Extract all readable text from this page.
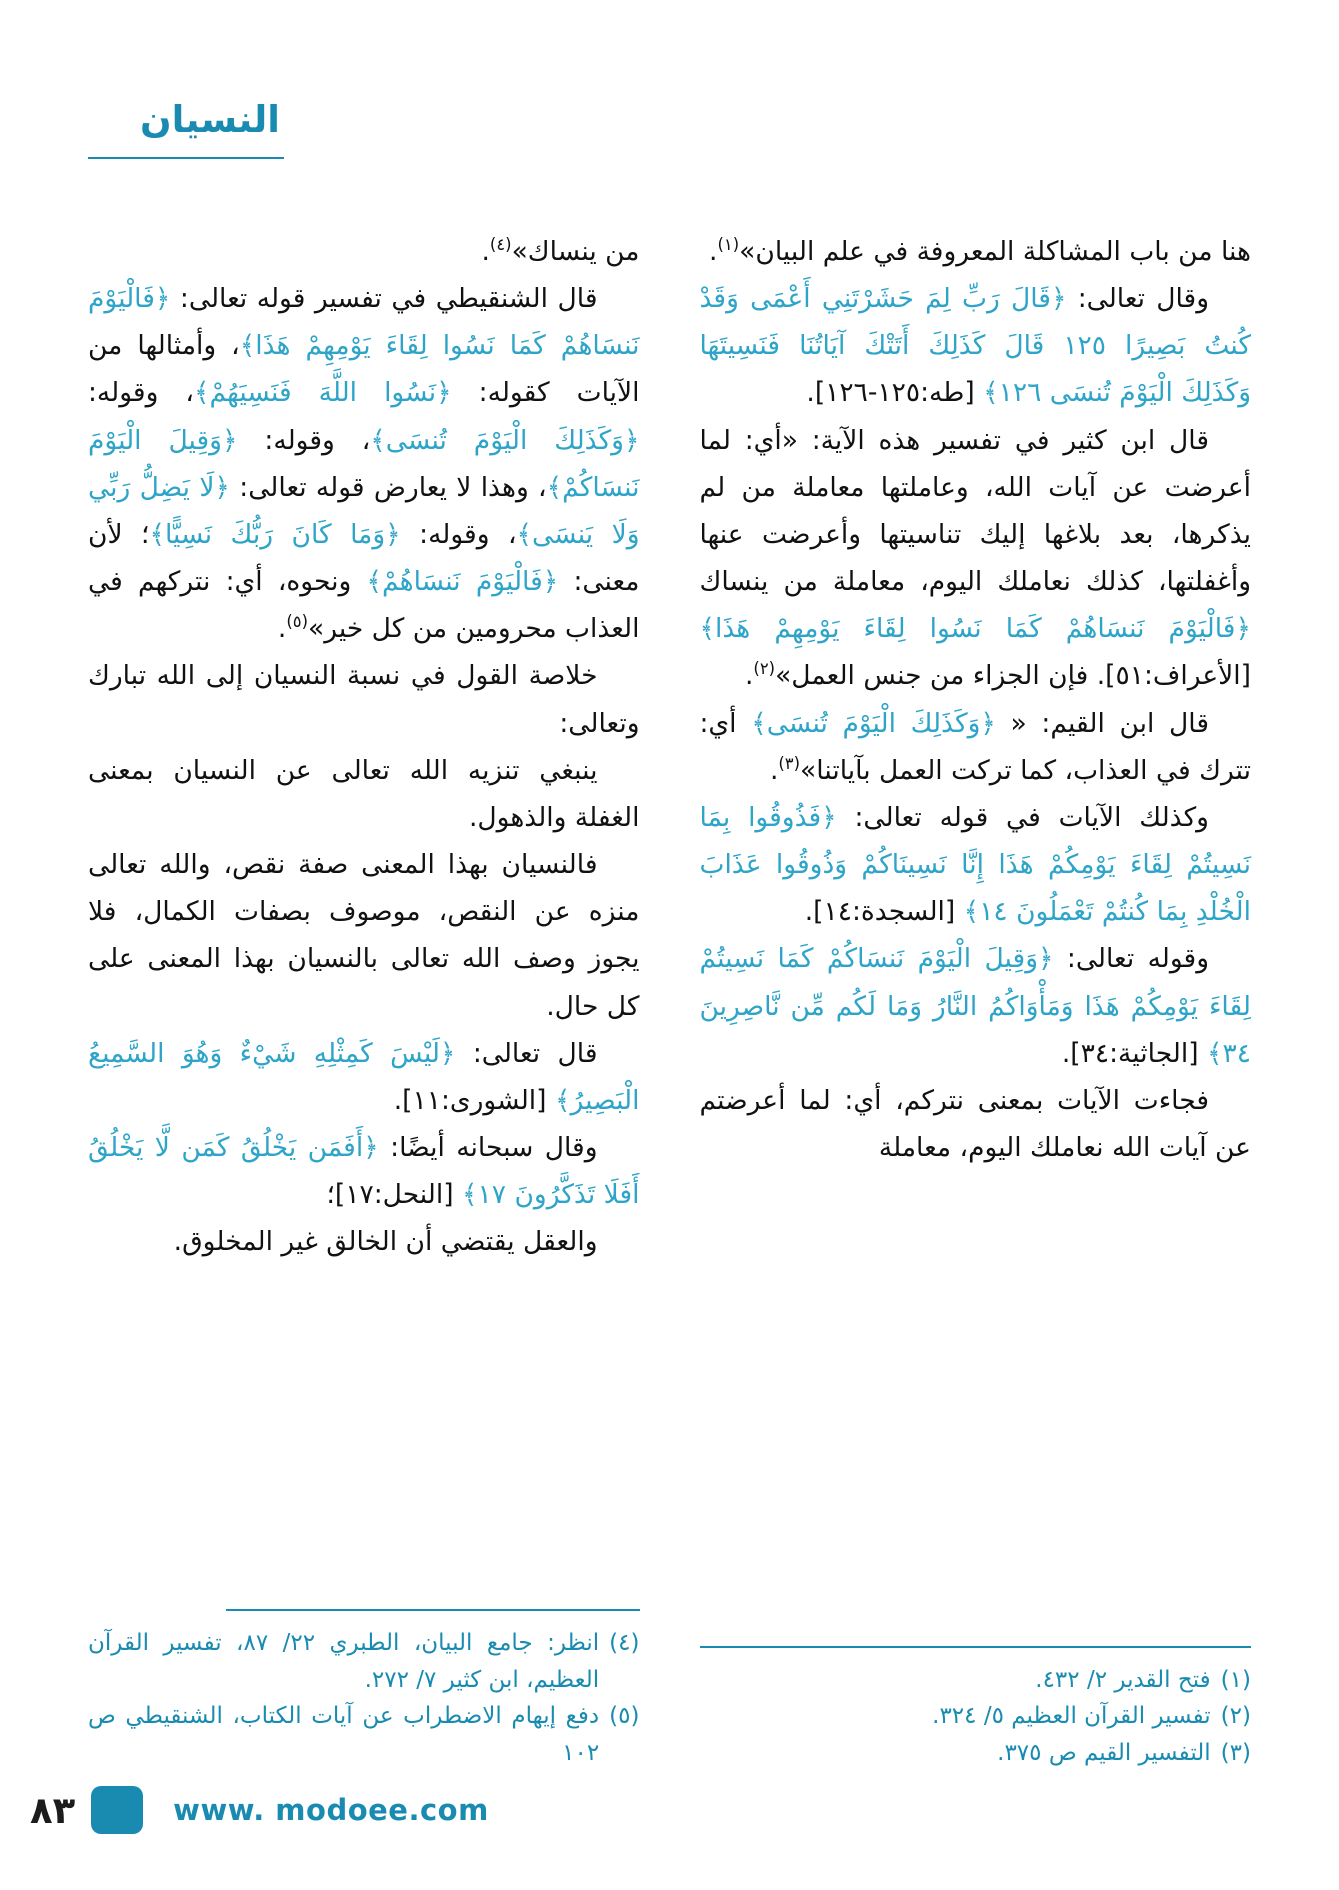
النسيان

هنا من باب المشاكلة المعروفة في علم البيان»$^{(١)}$.

وقال تعالى: ﴿قَالَ رَبِّ لِمَ حَشَرْتَنِي أَعْمَى وَقَدْ كُنتُ بَصِيرًا ١٢٥ قَالَ كَذَلِكَ أَتَتْكَ آيَاتُنَا فَنَسِيتَهَا وَكَذَلِكَ الْيَوْمَ تُنسَى ١٢٦﴾ [طه:١٢٥-١٢٦].

قال ابن كثير في تفسير هذه الآية: «أي: لما أعرضت عن آيات الله، وعاملتها معاملة من لم يذكرها، بعد بلاغها إليك تناسيتها وأعرضت عنها وأغفلتها، كذلك نعاملك اليوم، معاملة من ينساك ﴿فَالْيَوْمَ نَنسَاهُمْ كَمَا نَسُوا لِقَاءَ يَوْمِهِمْ هَذَا﴾ [الأعراف:٥١]. فإن الجزاء من جنس العمل»$^{(٢)}$.

قال ابن القيم: « ﴿وَكَذَلِكَ الْيَوْمَ تُنسَى﴾ أي: تترك في العذاب، كما تركت العمل بآياتنا»$^{(٣)}$.

وكذلك الآيات في قوله تعالى: ﴿فَذُوقُوا بِمَا نَسِيتُمْ لِقَاءَ يَوْمِكُمْ هَذَا إِنَّا نَسِينَاكُمْ وَذُوقُوا عَذَابَ الْخُلْدِ بِمَا كُنتُمْ تَعْمَلُونَ ١٤﴾ [السجدة:١٤].

وقوله تعالى: ﴿وَقِيلَ الْيَوْمَ نَنسَاكُمْ كَمَا نَسِيتُمْ لِقَاءَ يَوْمِكُمْ هَذَا وَمَأْوَاكُمُ النَّارُ وَمَا لَكُم مِّن نَّاصِرِينَ ٣٤﴾ [الجاثية:٣٤].

فجاءت الآيات بمعنى نتركم، أي: لما أعرضتم عن آيات الله نعاملك اليوم، معاملة

(١)
فتح القدير ٢/ ٤٣٢.
(٢)
تفسير القرآن العظيم ٥/ ٣٢٤.
(٣)
التفسير القيم ص ٣٧٥.

من ينساك»$^{(٤)}$.

قال الشنقيطي في تفسير قوله تعالى: ﴿فَالْيَوْمَ نَنسَاهُمْ كَمَا نَسُوا لِقَاءَ يَوْمِهِمْ هَذَا﴾، وأمثالها من الآيات كقوله: ﴿نَسُوا اللَّهَ فَنَسِيَهُمْ﴾، وقوله: ﴿وَكَذَلِكَ الْيَوْمَ تُنسَى﴾، وقوله: ﴿وَقِيلَ الْيَوْمَ نَنسَاكُمْ﴾، وهذا لا يعارض قوله تعالى: ﴿لَا يَضِلُّ رَبِّي وَلَا يَنسَى﴾، وقوله: ﴿وَمَا كَانَ رَبُّكَ نَسِيًّا﴾؛ لأن معنى: ﴿فَالْيَوْمَ نَنسَاهُمْ﴾ ونحوه، أي: نتركهم في العذاب محرومين من كل خير»$^{(٥)}$.

خلاصة القول في نسبة النسيان إلى الله تبارك وتعالى:

ينبغي تنزيه الله تعالى عن النسيان بمعنى الغفلة والذهول.

فالنسيان بهذا المعنى صفة نقص، والله تعالى منزه عن النقص، موصوف بصفات الكمال، فلا يجوز وصف الله تعالى بالنسيان بهذا المعنى على كل حال.

قال تعالى: ﴿لَيْسَ كَمِثْلِهِ شَيْءٌ وَهُوَ السَّمِيعُ الْبَصِيرُ﴾ [الشورى:١١].

وقال سبحانه أيضًا: ﴿أَفَمَن يَخْلُقُ كَمَن لَّا يَخْلُقُ أَفَلَا تَذَكَّرُونَ ١٧﴾ [النحل:١٧]؛

والعقل يقتضي أن الخالق غير المخلوق.

(٤)
انظر: جامع البيان، الطبري ٢٢/ ٨٧، تفسير القرآن العظيم، ابن كثير ٧/ ٢٧٢.
(٥)
دفع إيهام الاضطراب عن آيات الكتاب، الشنقيطي ص ١٠٢
٨٣	www. modoee.com
